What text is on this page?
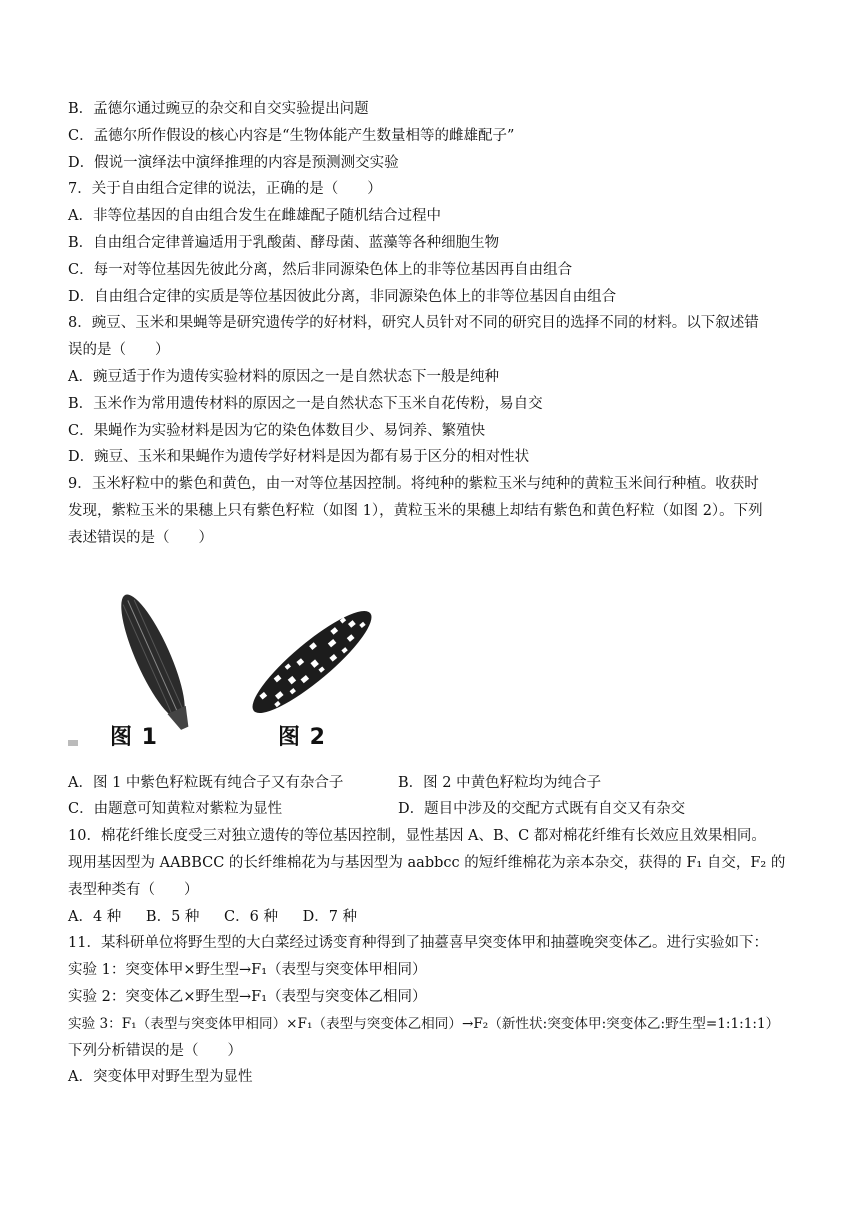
B．孟德尔通过豌豆的杂交和自交实验提出问题
C．孟德尔所作假设的核心内容是“生物体能产生数量相等的雌雄配子”
D．假说一演绎法中演绎推理的内容是预测测交实验
7．关于自由组合定律的说法，正确的是（　　）
A．非等位基因的自由组合发生在雌雄配子随机结合过程中
B．自由组合定律普遍适用于乳酸菌、酵母菌、蓝藻等各种细胞生物
C．每一对等位基因先彼此分离，然后非同源染色体上的非等位基因再自由组合
D．自由组合定律的实质是等位基因彼此分离，非同源染色体上的非等位基因自由组合
8．豌豆、玉米和果蝇等是研究遗传学的好材料，研究人员针对不同的研究目的选择不同的材料。以下叙述错
误的是（　　）
A．豌豆适于作为遗传实验材料的原因之一是自然状态下一般是纯种
B．玉米作为常用遗传材料的原因之一是自然状态下玉米自花传粉，易自交
C．果蝇作为实验材料是因为它的染色体数目少、易饲养、繁殖快
D．豌豆、玉米和果蝇作为遗传学好材料是因为都有易于区分的相对性状
9．玉米籽粒中的紫色和黄色，由一对等位基因控制。将纯种的紫粒玉米与纯种的黄粒玉米间行种植。收获时
发现，紫粒玉米的果穗上只有紫色籽粒（如图 1），黄粒玉米的果穗上却结有紫色和黄色籽粒（如图 2）。下列
表述错误的是（　　）
图 1	图 2
A．图 1 中紫色籽粒既有纯合子又有杂合子	B．图 2 中黄色籽粒均为纯合子
C．由题意可知黄粒对紫粒为显性	D．题目中涉及的交配方式既有自交又有杂交
10．棉花纤维长度受三对独立遗传的等位基因控制，显性基因 A、B、C 都对棉花纤维有长效应且效果相同。
现用基因型为 AABBCC 的长纤维棉花为与基因型为 aabbcc 的短纤维棉花为亲本杂交，获得的 F₁ 自交，F₂ 的
表型种类有（　　）
A．4 种 B．5 种 C．6 种 D．7 种
11．某科研单位将野生型的大白菜经过诱变育种得到了抽薹喜早突变体甲和抽薹晚突变体乙。进行实验如下：
实验 1：突变体甲×野生型→F₁（表型与突变体甲相同）
实验 2：突变体乙×野生型→F₁（表型与突变体乙相同）
实验 3：F₁（表型与突变体甲相同）×F₁（表型与突变体乙相同）→F₂（新性状:突变体甲:突变体乙:野生型=1:1:1:1）
下列分析错误的是（　　）
A．突变体甲对野生型为显性
